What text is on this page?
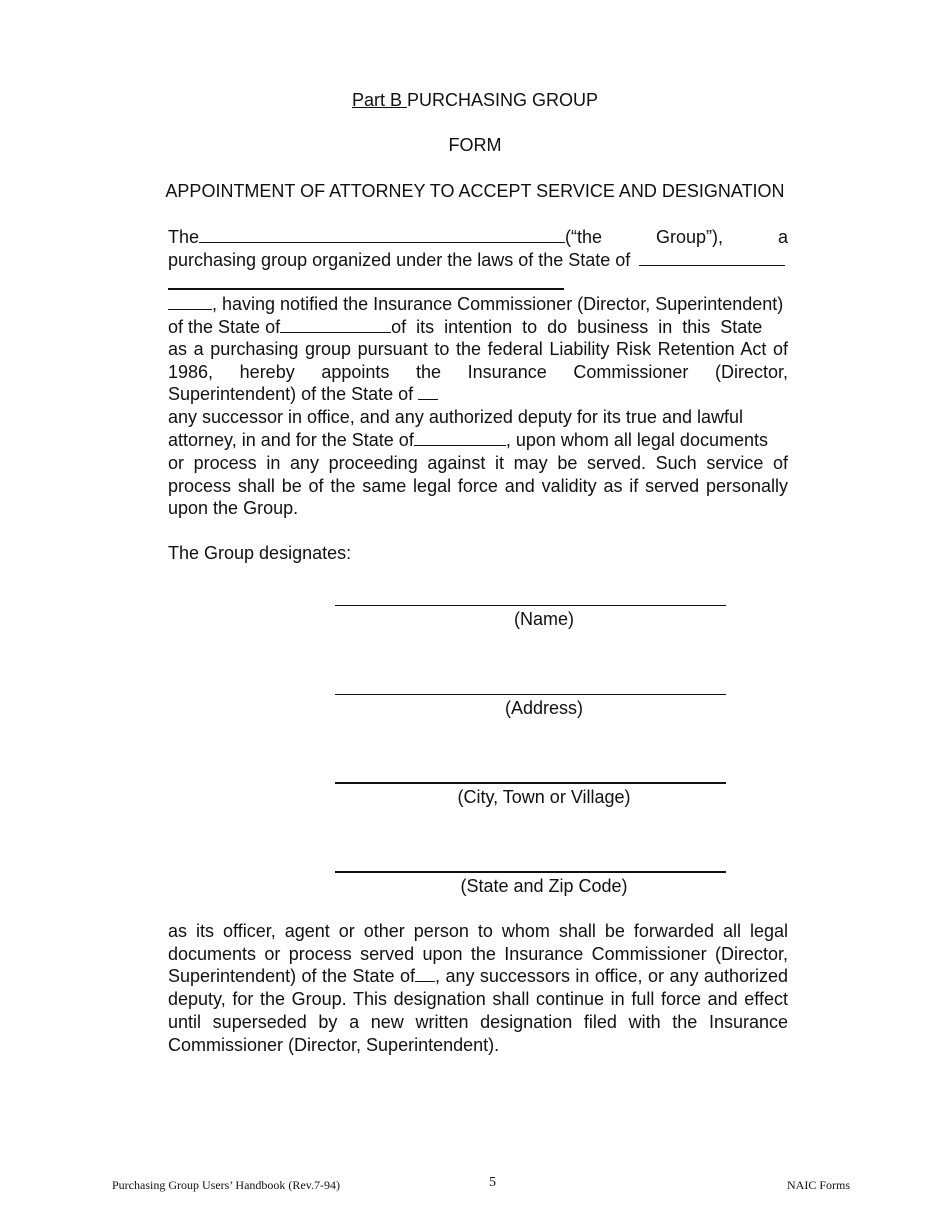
Part B PURCHASING GROUP
FORM
APPOINTMENT OF ATTORNEY TO ACCEPT SERVICE AND DESIGNATION
The	(“the	Group”),	a
purchasing group organized under the laws of the State of
, having notified the Insurance Commissioner (Director, Superintendent)
of the State of	of its intention to do business in this State
as a purchasing group pursuant to the federal Liability Risk Retention Act of 1986, hereby appoints the Insurance Commissioner (Director, Superintendent) of the State of
any successor in office, and any authorized deputy for its true and lawful
attorney, in and for the State of	, upon whom all legal documents
or process in any proceeding against it may be served. Such service of process shall be of the same legal force and validity as if served personally upon the Group.
The Group designates:
(Name)
(Address)
(City, Town or Village)
(State and Zip Code)
as its officer, agent or other person to whom shall be forwarded all legal documents or process served upon the Insurance Commissioner (Director, Superintendent) of the State of , any successors in office, or any authorized deputy, for the Group. This designation shall continue in full force and effect until superseded by a new written designation filed with the Insurance Commissioner (Director, Superintendent).
Purchasing Group Users’ Handbook (Rev.7-94)	5	NAIC Forms
